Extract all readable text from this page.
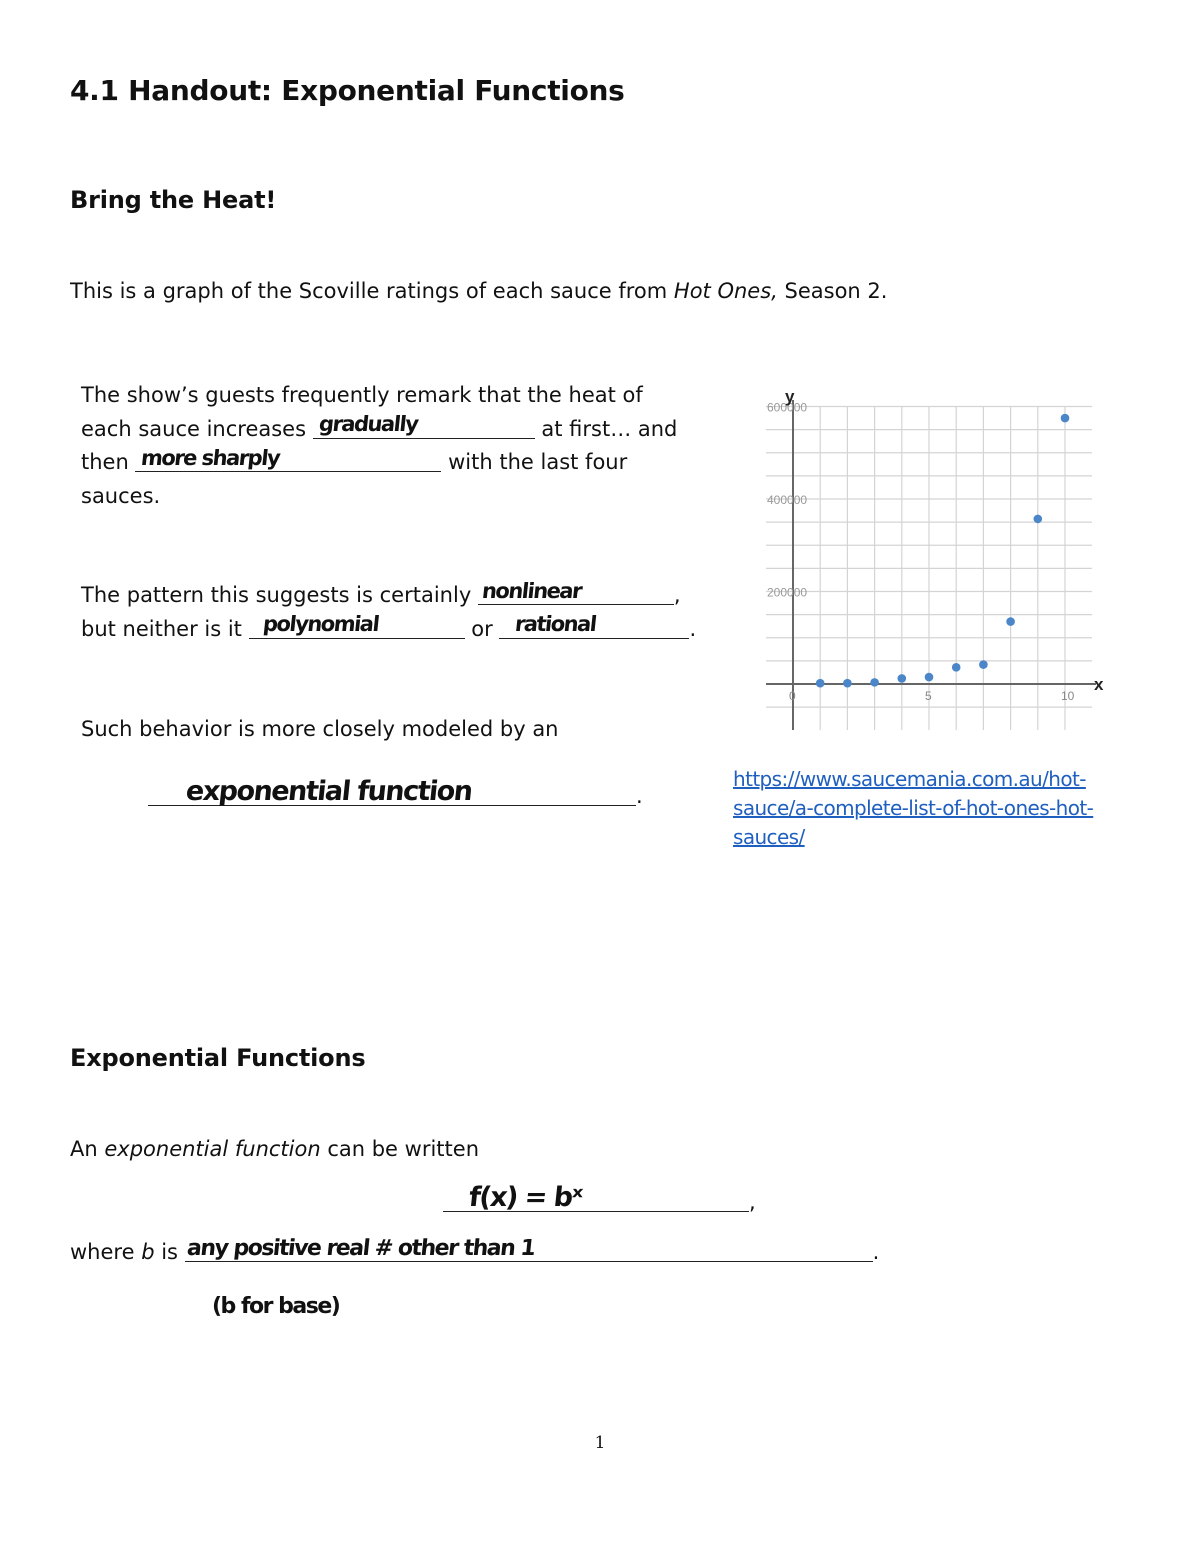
4.1 Handout: Exponential Functions
Bring the Heat!
This is a graph of the Scoville ratings of each sauce from Hot Ones, Season 2.
The show’s guests frequently remark that the heat of
each sauce increases gradually	at first… and
then more sharply	with the last four
sauces.
The pattern this suggests is certainly nonlinear	,
but neither is it polynomial	or rational	.
Such behavior is more closely modeled by an
exponential function	.
0	5	10
200000
400000
600000
x
y
https://www.saucemania.com.au/hot-
sauce/a-complete-list-of-hot-ones-hot-
sauces/
Exponential Functions
An exponential function can be written
f(x) = bˣ	,
where b is any positive real # other than 1	.
(b for base)
1
